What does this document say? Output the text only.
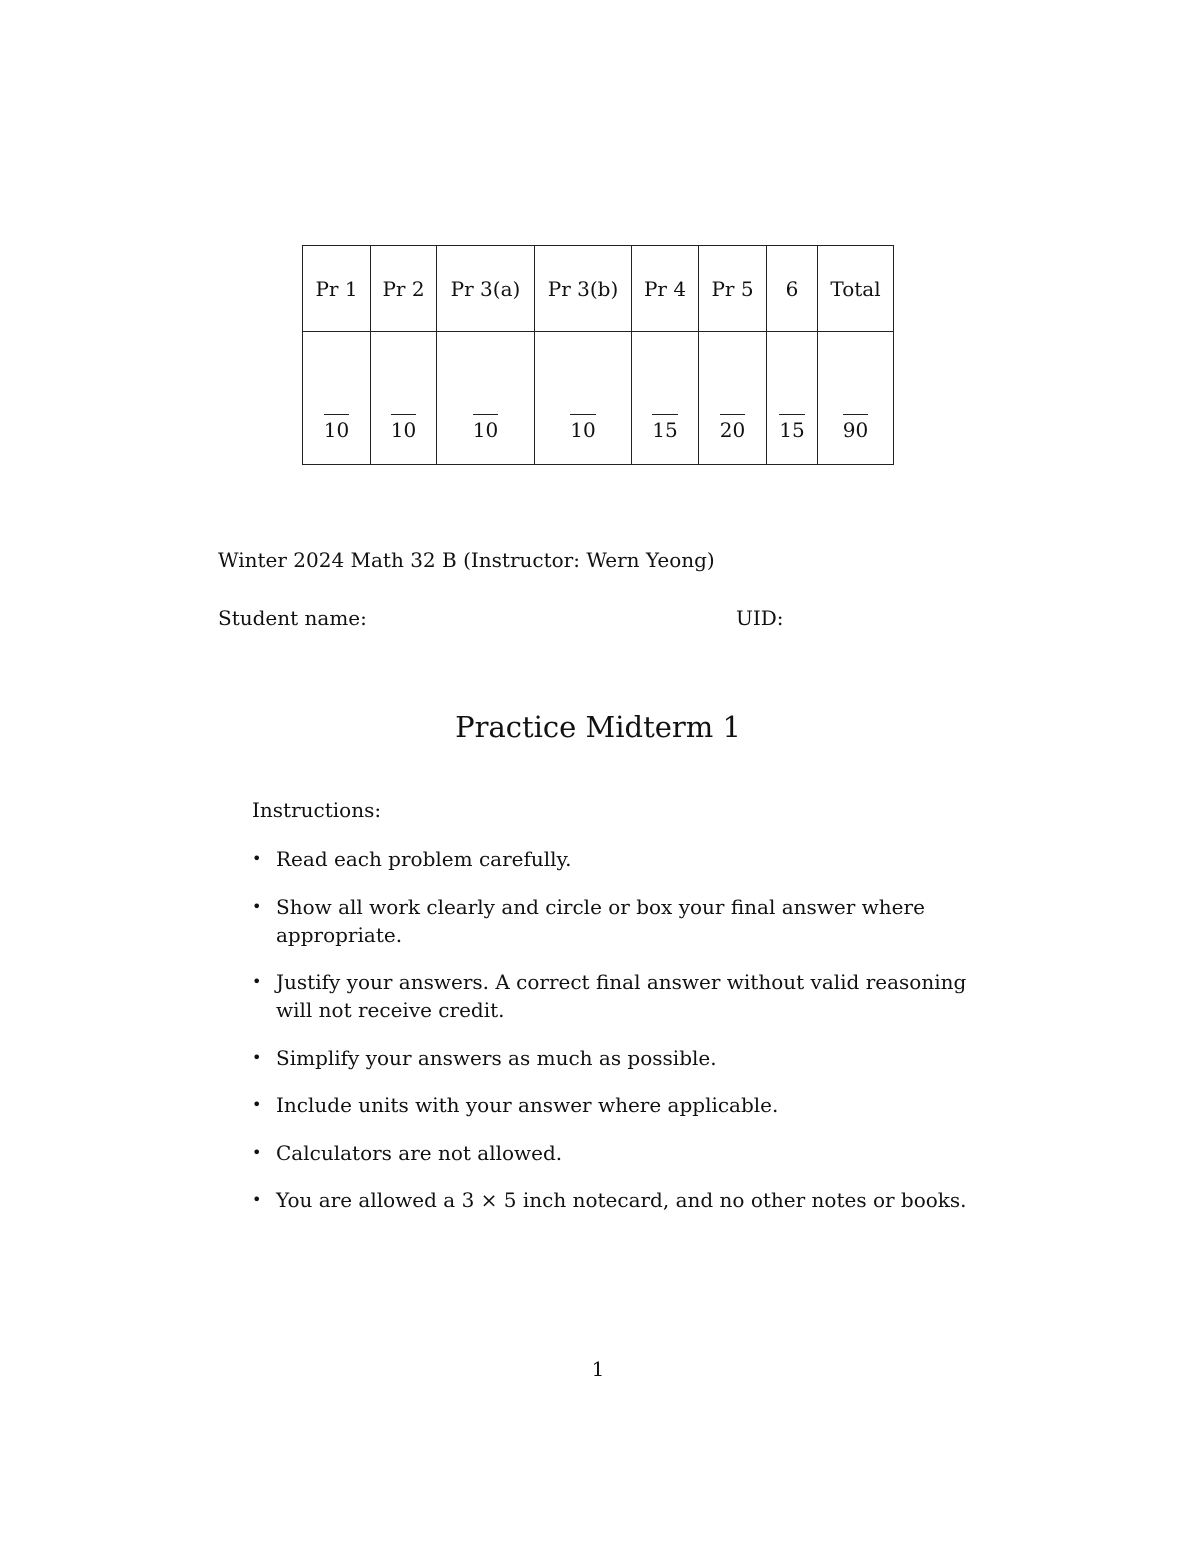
Pr 1	Pr 2	Pr 3(a)	Pr 3(b)	Pr 4	Pr 5	6	Total
10	10	10	10	15	20	15	90
Winter 2024 Math 32 B (Instructor: Wern Yeong)
Student name:	UID:
Practice Midterm 1
Instructions:
• Read each problem carefully.
• Show all work clearly and circle or box your final answer where appropriate.
• Justify your answers. A correct final answer without valid reasoning will not receive credit.
• Simplify your answers as much as possible.
• Include units with your answer where applicable.
• Calculators are not allowed.
• You are allowed a 3 × 5 inch notecard, and no other notes or books.
1
